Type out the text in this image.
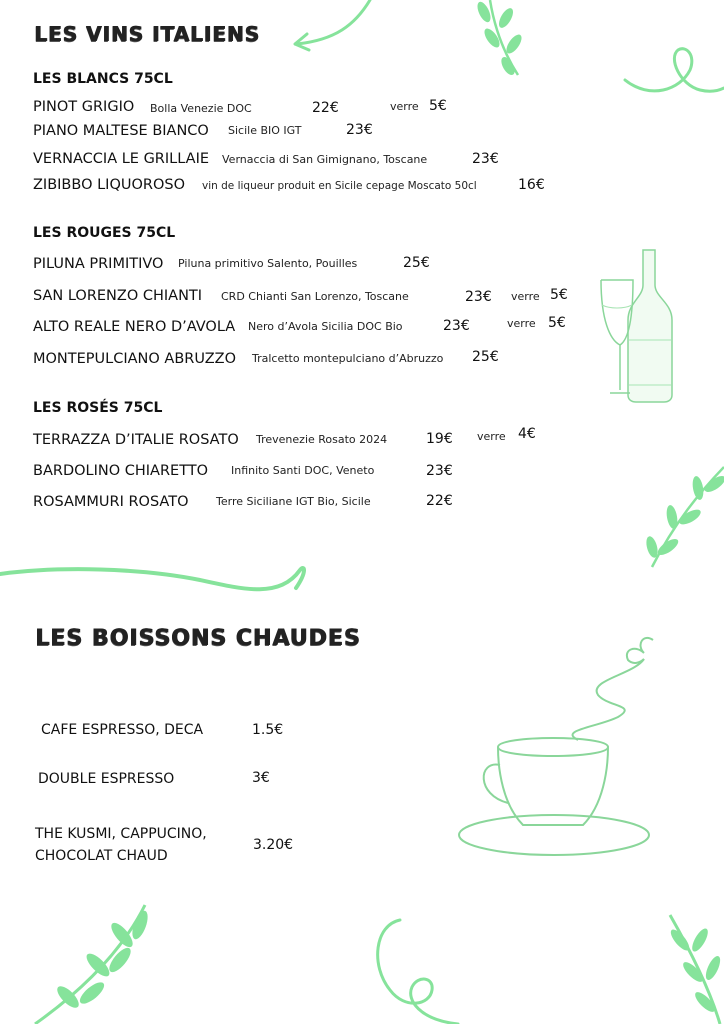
LES VINS ITALIENS
LES BLANCS 75CL
PINOT GRIGIO Bolla Venezie DOC	22€	verre 5€
PIANO MALTESE BIANCO Sicile BIO IGT	23€
VERNACCIA LE GRILLAIE Vernaccia di San Gimignano, Toscane	23€
ZIBIBBO LIQUOROSO vin de liqueur produit en Sicile cepage Moscato 50cl	16€
LES ROUGES 75CL
PILUNA PRIMITIVO Piluna primitivo Salento, Pouilles	25€
SAN LORENZO CHIANTI CRD Chianti San Lorenzo, Toscane	23€ verre 5€
ALTO REALE NERO D’AVOLA Nero d’Avola Sicilia DOC Bio	23€	verre 5€
MONTEPULCIANO ABRUZZO Tralcetto montepulciano d’Abruzzo 25€
LES ROSÉS 75CL
TERRAZZA D’ITALIE ROSATO Trevenezie Rosato 2024	19€ verre 4€
BARDOLINO CHIARETTO Infinito Santi DOC, Veneto	23€
ROSAMMURI ROSATO	Terre Siciliane IGT Bio, Sicile	22€
LES BOISSONS CHAUDES
CAFE ESPRESSO, DECA	1.5€
DOUBLE ESPRESSO	3€
THE KUSMI, CAPPUCINO,
CHOCOLAT CHAUD
3.20€
